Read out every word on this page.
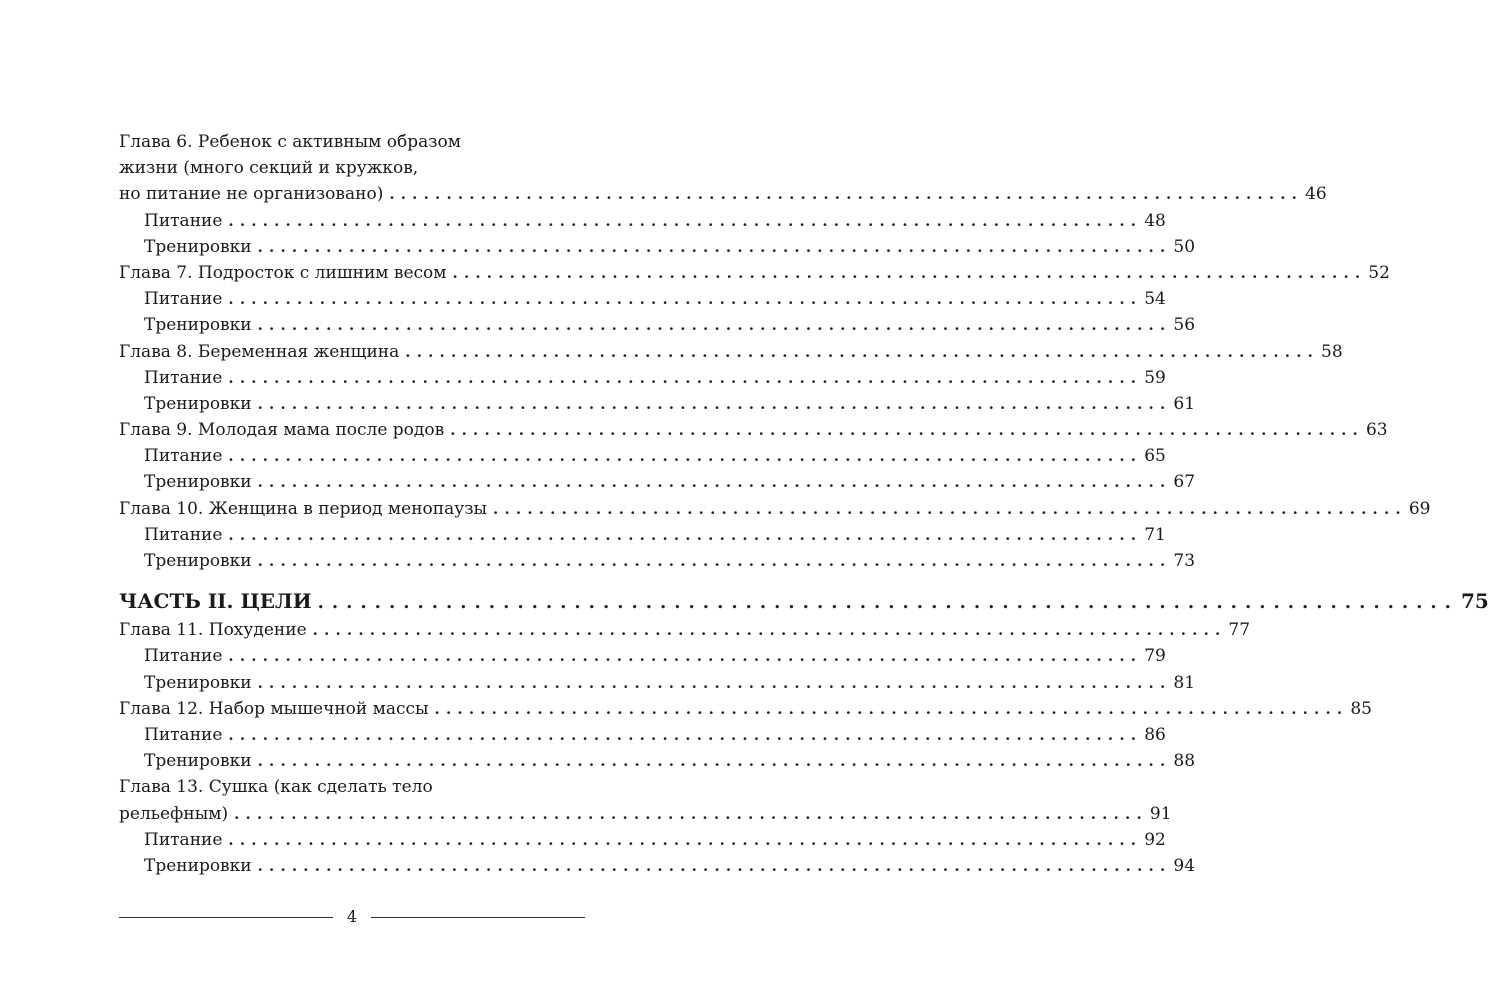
Глава 6. Ребенок с активным образом
жизни (много секций и кружков,
но питание не организовано) ................................................................................ 46
Питание ................................................................................ 48
Тренировки ................................................................................ 50
Глава 7. Подросток с лишним весом ................................................................................ 52
Питание ................................................................................ 54
Тренировки ................................................................................ 56
Глава 8. Беременная женщина ................................................................................ 58
Питание ................................................................................ 59
Тренировки ................................................................................ 61
Глава 9. Молодая мама после родов ................................................................................ 63
Питание ................................................................................ 65
Тренировки ................................................................................ 67
Глава 10. Женщина в период менопаузы ................................................................................ 69
Питание ................................................................................ 71
Тренировки ................................................................................ 73
ЧАСТЬ II. ЦЕЛИ ................................................................................ 75
Глава 11. Похудение ................................................................................ 77
Питание ................................................................................ 79
Тренировки ................................................................................ 81
Глава 12. Набор мышечной массы ................................................................................ 85
Питание ................................................................................ 86
Тренировки ................................................................................ 88
Глава 13. Сушка (как сделать тело
рельефным) ................................................................................ 91
Питание ................................................................................ 92
Тренировки ................................................................................ 94
4
